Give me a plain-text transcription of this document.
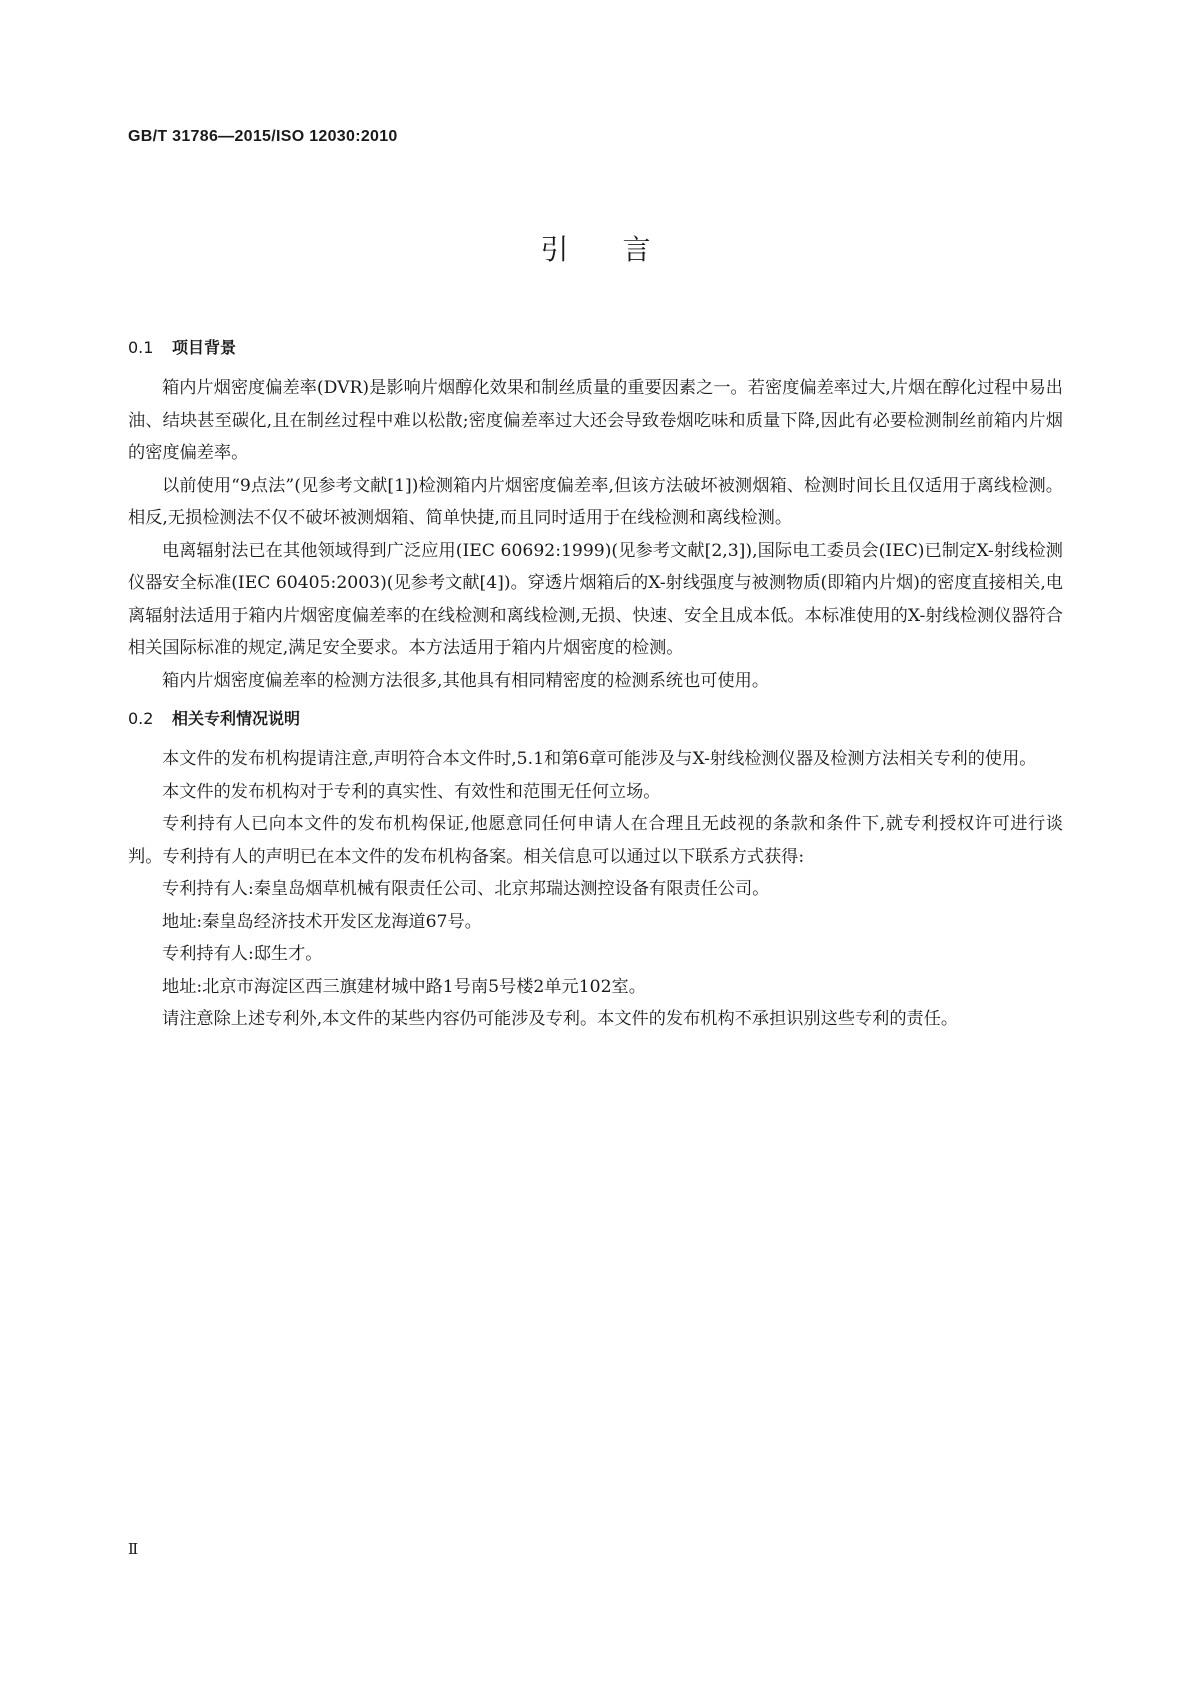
GB/T 31786—2015/ISO 12030:2010
引言
0.1 项目背景

箱内片烟密度偏差率(DVR)是影响片烟醇化效果和制丝质量的重要因素之一。若密度偏差率过大,片烟在醇化过程中易出油、结块甚至碳化,且在制丝过程中难以松散;密度偏差率过大还会导致卷烟吃味和质量下降,因此有必要检测制丝前箱内片烟的密度偏差率。

以前使用“9点法”(见参考文献[1])检测箱内片烟密度偏差率,但该方法破坏被测烟箱、检测时间长且仅适用于离线检测。相反,无损检测法不仅不破坏被测烟箱、简单快捷,而且同时适用于在线检测和离线检测。

电离辐射法已在其他领域得到广泛应用(IEC 60692:1999)(见参考文献[2,3]),国际电工委员会(IEC)已制定X-射线检测仪器安全标准(IEC 60405:2003)(见参考文献[4])。穿透片烟箱后的X-射线强度与被测物质(即箱内片烟)的密度直接相关,电离辐射法适用于箱内片烟密度偏差率的在线检测和离线检测,无损、快速、安全且成本低。本标准使用的X-射线检测仪器符合相关国际标准的规定,满足安全要求。本方法适用于箱内片烟密度的检测。

箱内片烟密度偏差率的检测方法很多,其他具有相同精密度的检测系统也可使用。

0.2 相关专利情况说明

本文件的发布机构提请注意,声明符合本文件时,5.1和第6章可能涉及与X-射线检测仪器及检测方法相关专利的使用。

本文件的发布机构对于专利的真实性、有效性和范围无任何立场。

专利持有人已向本文件的发布机构保证,他愿意同任何申请人在合理且无歧视的条款和条件下,就专利授权许可进行谈判。专利持有人的声明已在本文件的发布机构备案。相关信息可以通过以下联系方式获得:

专利持有人:秦皇岛烟草机械有限责任公司、北京邦瑞达测控设备有限责任公司。

地址:秦皇岛经济技术开发区龙海道67号。

专利持有人:邸生才。

地址:北京市海淀区西三旗建材城中路1号南5号楼2单元102室。

请注意除上述专利外,本文件的某些内容仍可能涉及专利。本文件的发布机构不承担识别这些专利的责任。

Ⅱ
